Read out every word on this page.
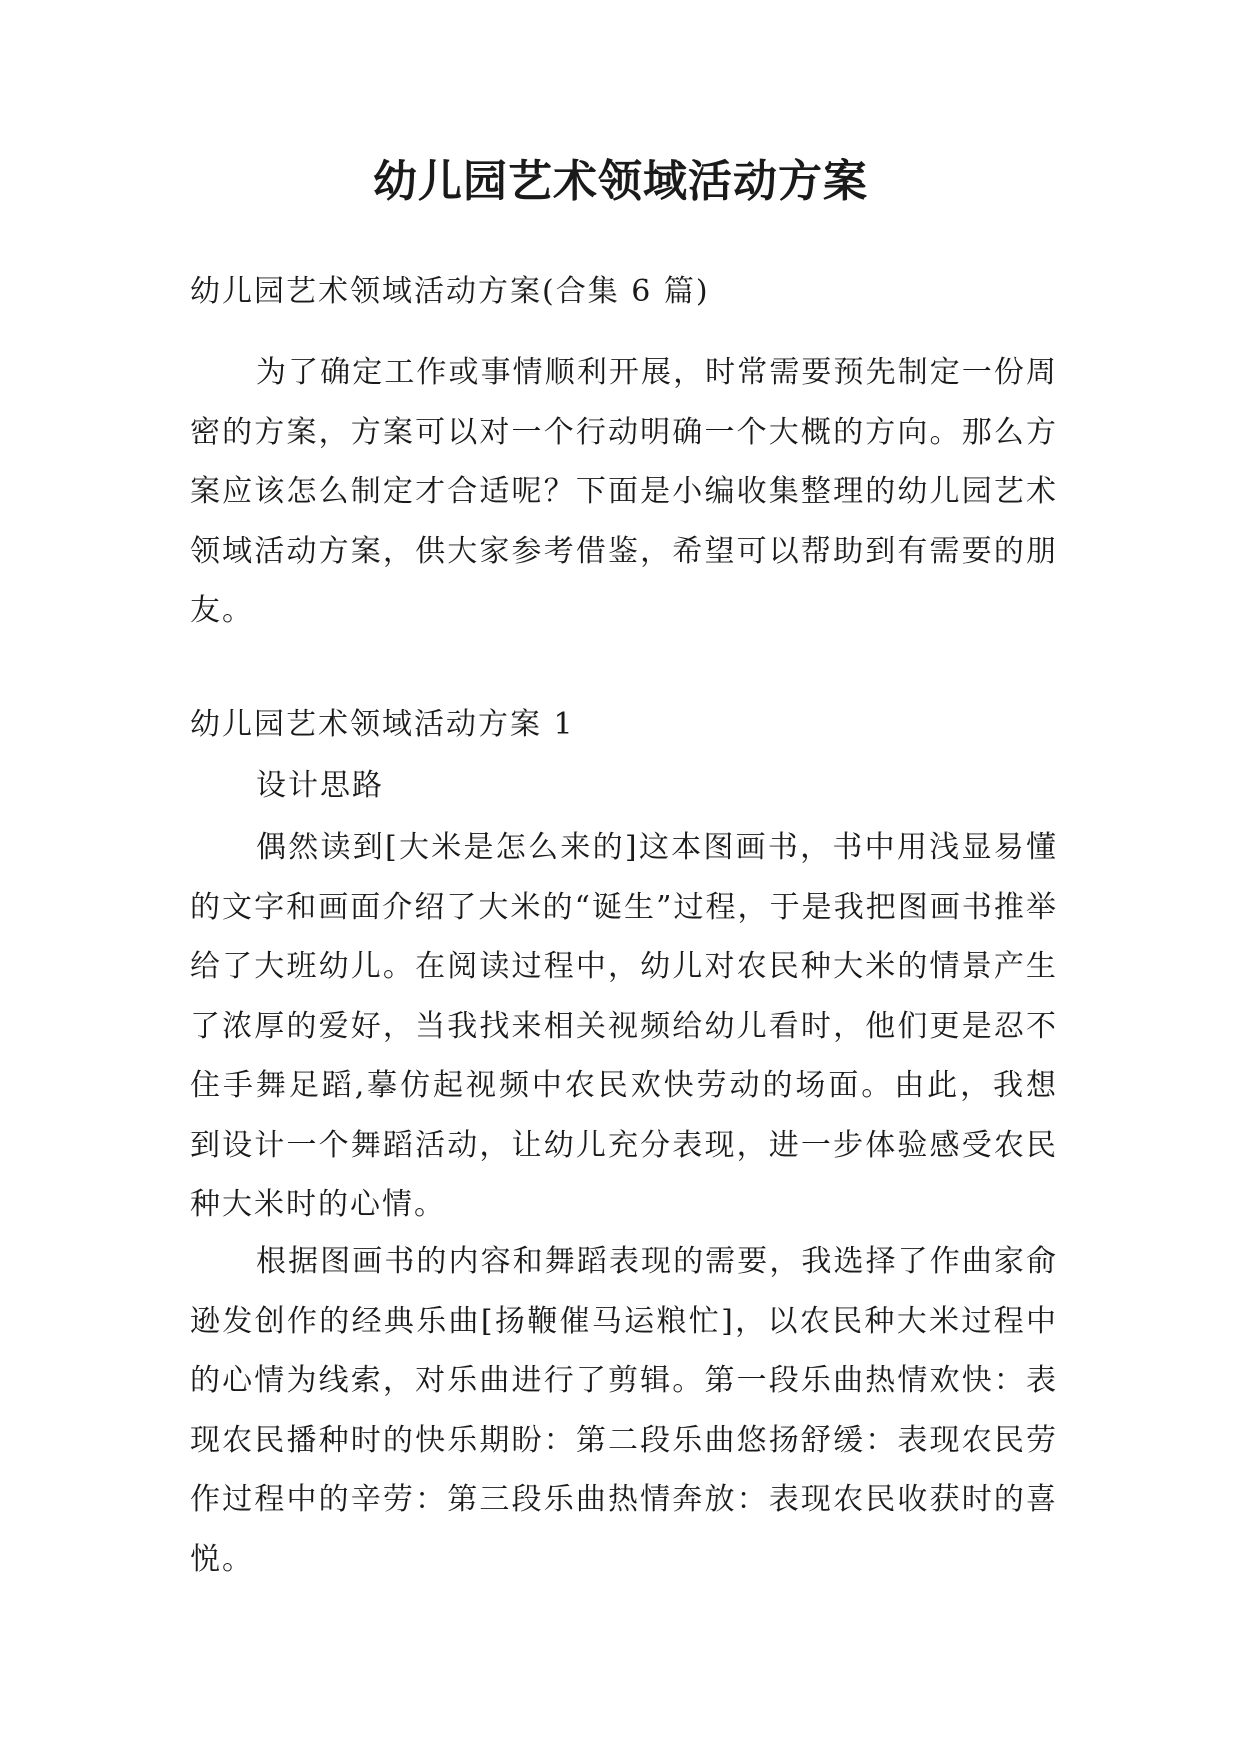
幼儿园艺术领域活动方案

幼儿园艺术领域活动方案(合集 6 篇)

为了确定工作或事情顺利开展，时常需要预先制定一份周密的方案，方案可以对一个行动明确一个大概的方向。那么方案应该怎么制定才合适呢？下面是小编收集整理的幼儿园艺术领域活动方案，供大家参考借鉴，希望可以帮助到有需要的朋友。

幼儿园艺术领域活动方案 1

设计思路

偶然读到[大米是怎么来的]这本图画书，书中用浅显易懂的文字和画面介绍了大米的“诞生”过程，于是我把图画书推举给了大班幼儿。在阅读过程中，幼儿对农民种大米的情景产生了浓厚的爱好，当我找来相关视频给幼儿看时，他们更是忍不住手舞足蹈,摹仿起视频中农民欢快劳动的场面。由此，我想到设计一个舞蹈活动，让幼儿充分表现，进一步体验感受农民种大米时的心情。

根据图画书的内容和舞蹈表现的需要，我选择了作曲家俞逊发创作的经典乐曲[扬鞭催马运粮忙]，以农民种大米过程中的心情为线索，对乐曲进行了剪辑。第一段乐曲热情欢快：表现农民播种时的快乐期盼：第二段乐曲悠扬舒缓：表现农民劳作过程中的辛劳：第三段乐曲热情奔放：表现农民收获时的喜悦。
